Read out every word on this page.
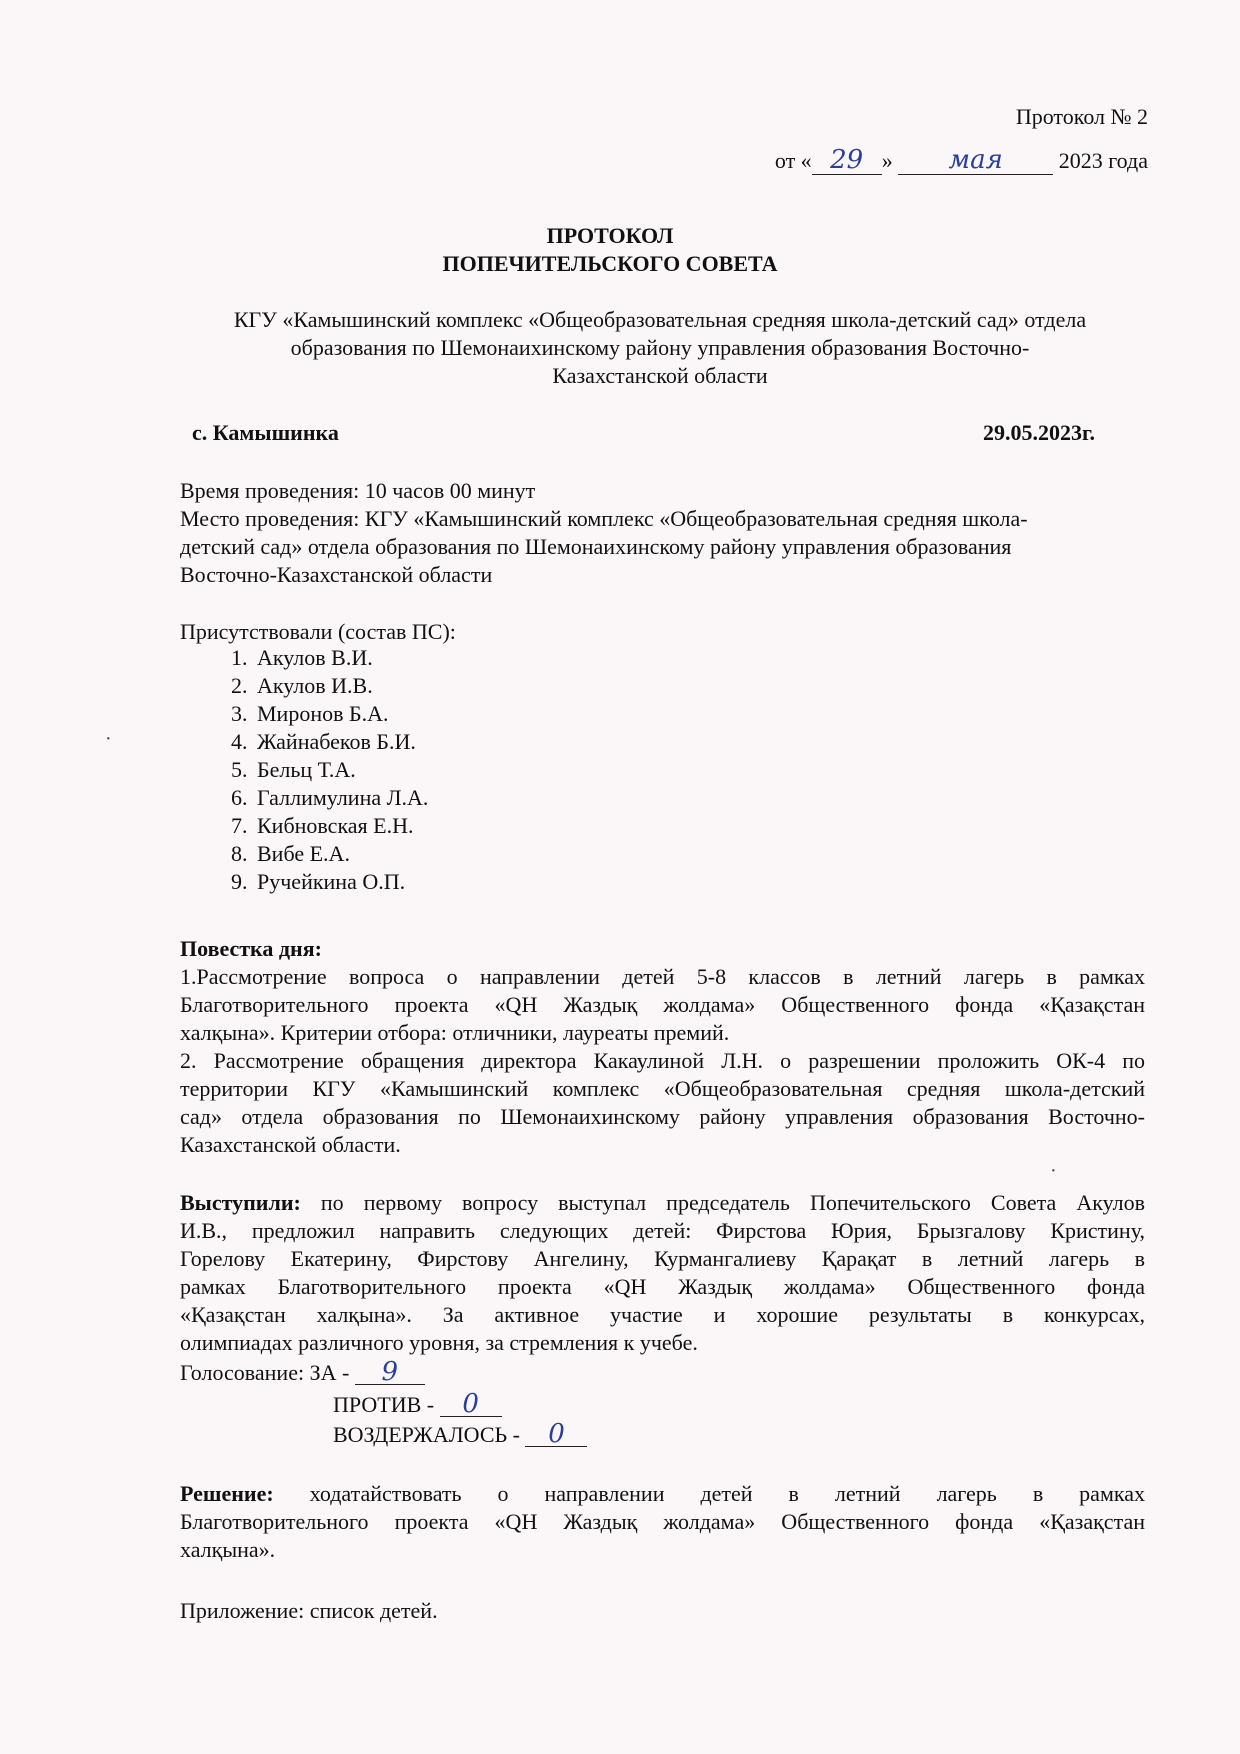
Протокол № 2

от « 29 » мая	2023 года

ПРОТОКОЛ

ПОПЕЧИТЕЛЬСКОГО СОВЕТА

КГУ «Камышинский комплекс «Общеобразовательная средняя школа-детский сад» отдела

образования по Шемонаихинскому району управления образования Восточно-

Казахстанской области

с. Камышинка	29.05.2023г.

Время проведения: 10 часов 00 минут

Место проведения: КГУ «Камышинский комплекс «Общеобразовательная средняя школа-

детский сад» отдела образования по Шемонаихинскому району управления образования

Восточно-Казахстанской области

Присутствовали (состав ПС):

1. Акулов В.И.
2. Акулов И.В.
3. Миронов Б.А.
4. Жайнабеков Б.И.
5. Бельц Т.А.
6. Галлимулина Л.А.
7. Кибновская Е.Н.
8. Вибе Е.А.
9. Ручейкина О.П.

Повестка дня:

1.Рассмотрение вопроса о направлении детей 5-8 классов в летний лагерь в рамках

Благотворительного проекта «QH Жаздық жолдама» Общественного фонда «Қазақстан

халқына». Критерии отбора: отличники, лауреаты премий.

2. Рассмотрение обращения директора Какаулиной Л.Н. о разрешении проложить ОК-4 по

территории КГУ «Камышинский комплекс «Общеобразовательная средняя школа-детский

сад» отдела образования по Шемонаихинскому району управления образования Восточно-

Казахстанской области.

Выступили: по первому вопросу выступал председатель Попечительского Совета Акулов

И.В., предложил направить следующих детей: Фирстова Юрия, Брызгалову Кристину,

Горелову Екатерину, Фирстову Ангелину, Курмангалиеву Қарақат в летний лагерь в

рамках Благотворительного проекта «QH Жаздық жолдама» Общественного фонда

«Қазақстан халқына». За активное участие и хорошие результаты в конкурсах,

олимпиадах различного уровня, за стремления к учебе.

Голосование: ЗА - 9

ПРОТИВ - 0

ВОЗДЕРЖАЛОСЬ - 0

Решение: ходатайствовать о направлении детей в летний лагерь в рамках

Благотворительного проекта «QH Жаздық жолдама» Общественного фонда «Қазақстан

халқына».

Приложение: список детей.

·
·
